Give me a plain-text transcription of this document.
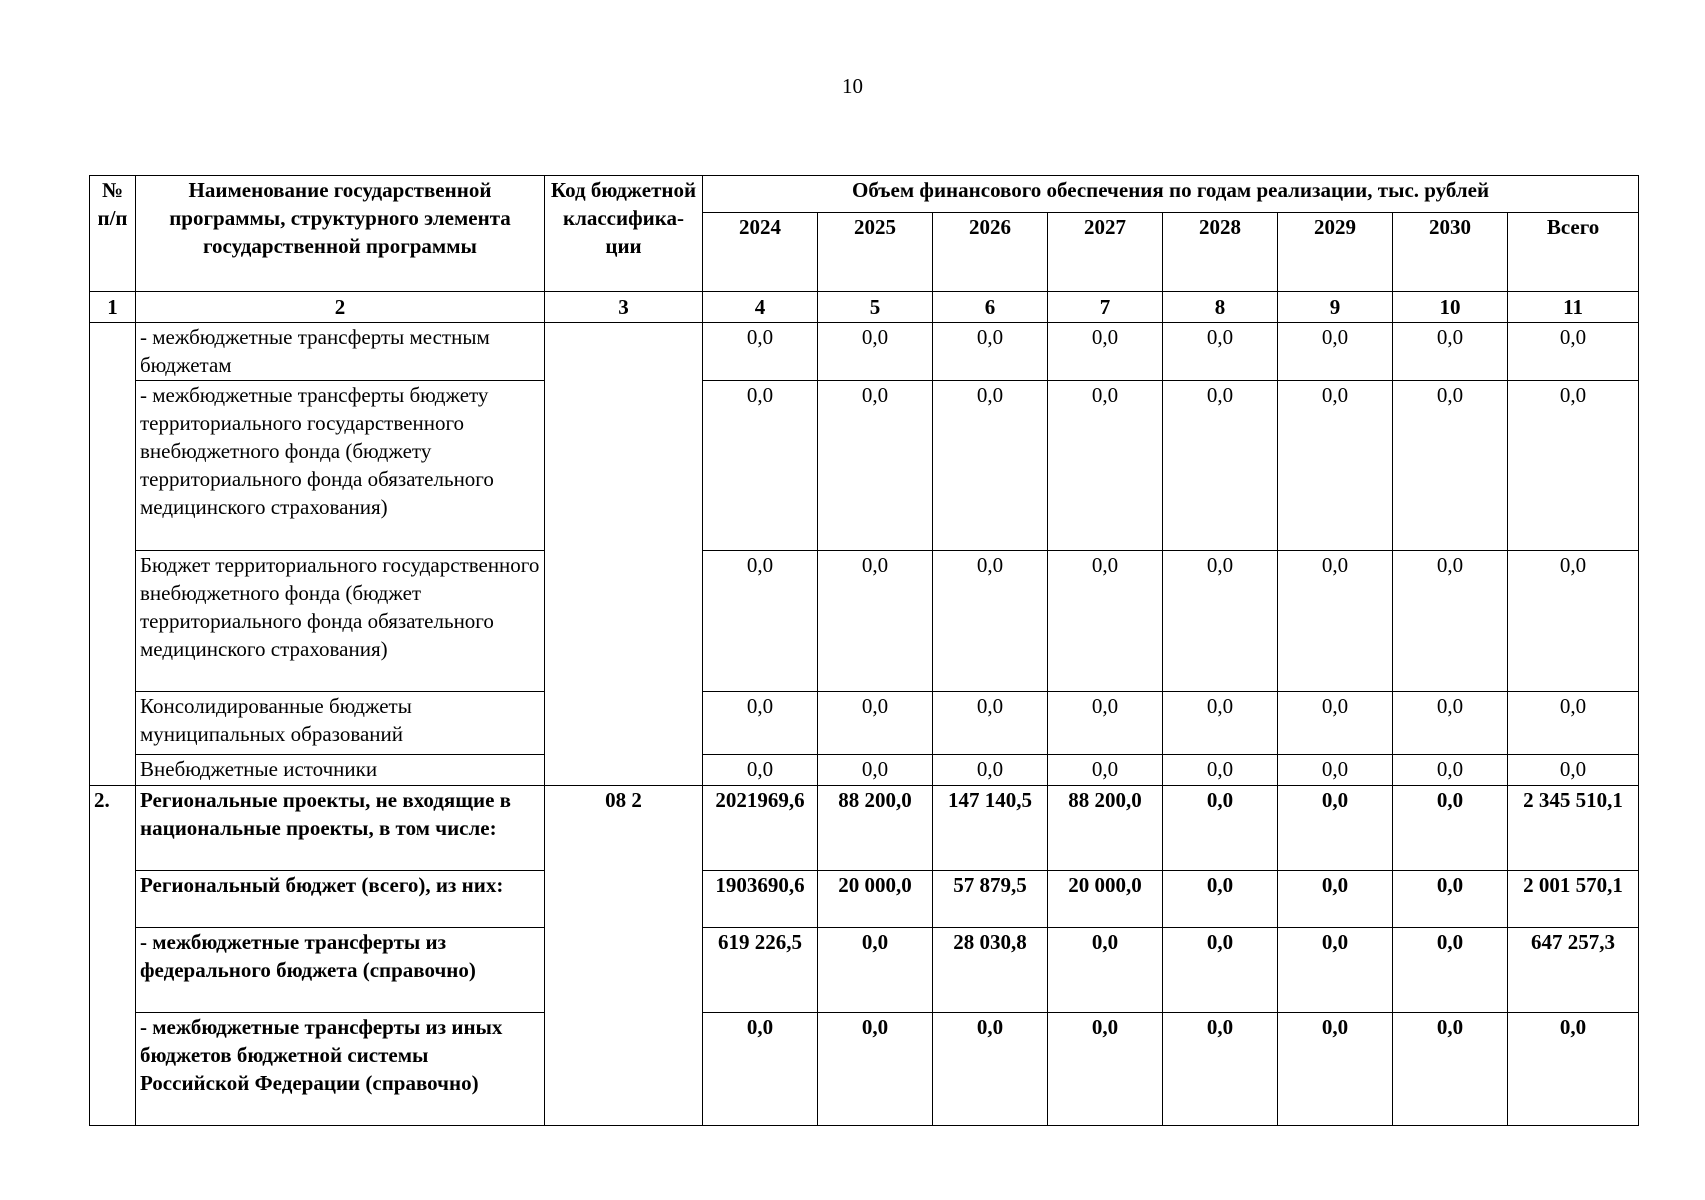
10
№ п/п	Наименование государственной программы, структурного элемента государственной программы	Код бюджетной классифика-ции	Объем финансового обеспечения по годам реализации, тыс. рублей							
			2024	2025	2026	2027	2028	2029	2030	Всего
1	2	3	4	5	6	7	8	9	10	11
	- межбюджетные трансферты местным бюджетам		0,0	0,0	0,0	0,0	0,0	0,0	0,0	0,0
	- межбюджетные трансферты бюджету территориального государственного внебюджетного фонда (бюджету территориального фонда обязательного медицинского страхования)		0,0	0,0	0,0	0,0	0,0	0,0	0,0	0,0
	Бюджет территориального государственного внебюджетного фонда (бюджет территориального фонда обязательного медицинского страхования)		0,0	0,0	0,0	0,0	0,0	0,0	0,0	0,0
	Консолидированные бюджеты муниципальных образований		0,0	0,0	0,0	0,0	0,0	0,0	0,0	0,0
	Внебюджетные источники		0,0	0,0	0,0	0,0	0,0	0,0	0,0	0,0
2.	Региональные проекты, не входящие в национальные проекты, в том числе:	08 2	2021969,6	88 200,0	147 140,5	88 200,0	0,0	0,0	0,0	2 345 510,1
	Региональный бюджет (всего), из них:		1903690,6	20 000,0	57 879,5	20 000,0	0,0	0,0	0,0	2 001 570,1
	- межбюджетные трансферты из федерального бюджета (справочно)		619 226,5	0,0	28 030,8	0,0	0,0	0,0	0,0	647 257,3
	- межбюджетные трансферты из иных бюджетов бюджетной системы Российской Федерации (справочно)		0,0	0,0	0,0	0,0	0,0	0,0	0,0	0,0
